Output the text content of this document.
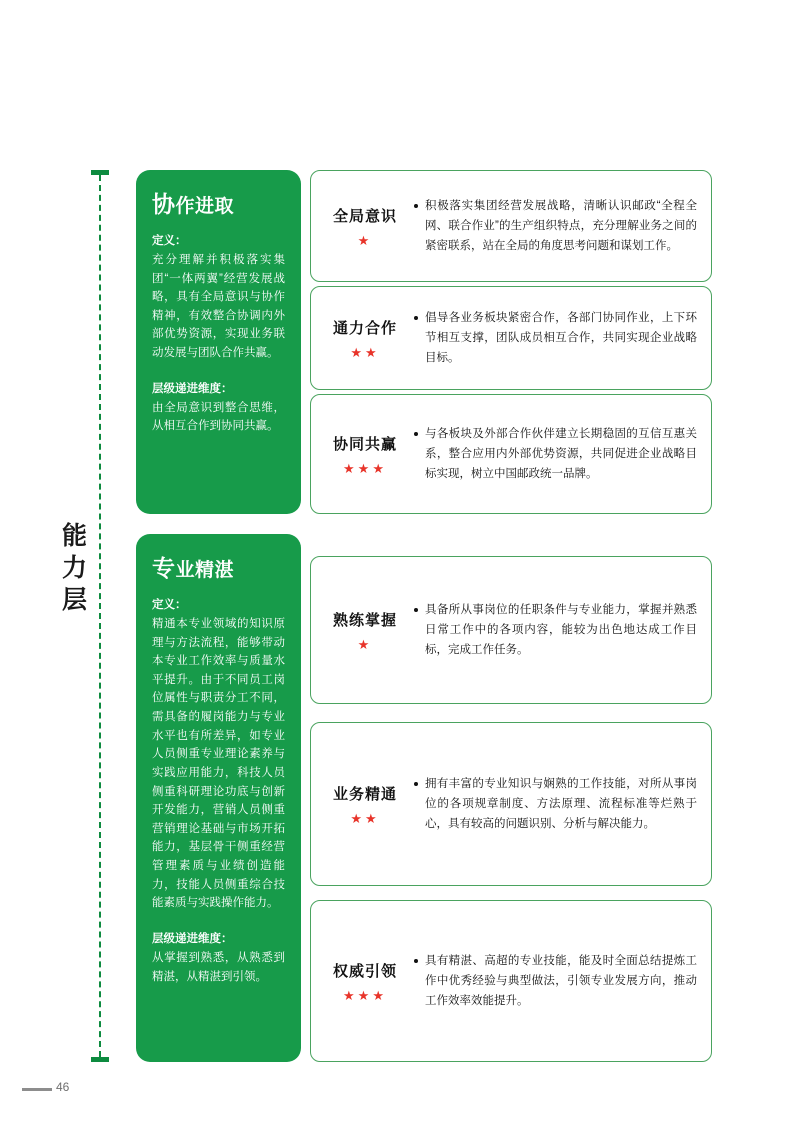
能力层
协作进取
定义：
充分理解并积极落实集团“一体两翼”经营发展战略，具有全局意识与协作精神，有效整合协调内外部优势资源，实现业务联动发展与团队合作共赢。
层级递进维度：
由全局意识到整合思维，从相互合作到协同共赢。
专业精湛
定义：
精通本专业领域的知识原理与方法流程，能够带动本专业工作效率与质量水平提升。由于不同员工岗位属性与职责分工不同，需具备的履岗能力与专业水平也有所差异，如专业人员侧重专业理论素养与实践应用能力，科技人员侧重科研理论功底与创新开发能力，营销人员侧重营销理论基础与市场开拓能力，基层骨干侧重经营管理素质与业绩创造能力，技能人员侧重综合技能素质与实践操作能力。
层级递进维度：
从掌握到熟悉，从熟悉到精湛，从精湛到引领。
全局意识
★
积极落实集团经营发展战略，清晰认识邮政“全程全网、联合作业”的生产组织特点，充分理解业务之间的紧密联系，站在全局的角度思考问题和谋划工作。
通力合作
★★
倡导各业务板块紧密合作，各部门协同作业，上下环节相互支撑，团队成员相互合作，共同实现企业战略目标。
协同共赢
★★★
与各板块及外部合作伙伴建立长期稳固的互信互惠关系，整合应用内外部优势资源，共同促进企业战略目标实现，树立中国邮政统一品牌。
熟练掌握
★
具备所从事岗位的任职条件与专业能力，掌握并熟悉日常工作中的各项内容，能较为出色地达成工作目标，完成工作任务。
业务精通
★★
拥有丰富的专业知识与娴熟的工作技能，对所从事岗位的各项规章制度、方法原理、流程标准等烂熟于心，具有较高的问题识别、分析与解决能力。
权威引领
★★★
具有精湛、高超的专业技能，能及时全面总结提炼工作中优秀经验与典型做法，引领专业发展方向，推动工作效率效能提升。
46
